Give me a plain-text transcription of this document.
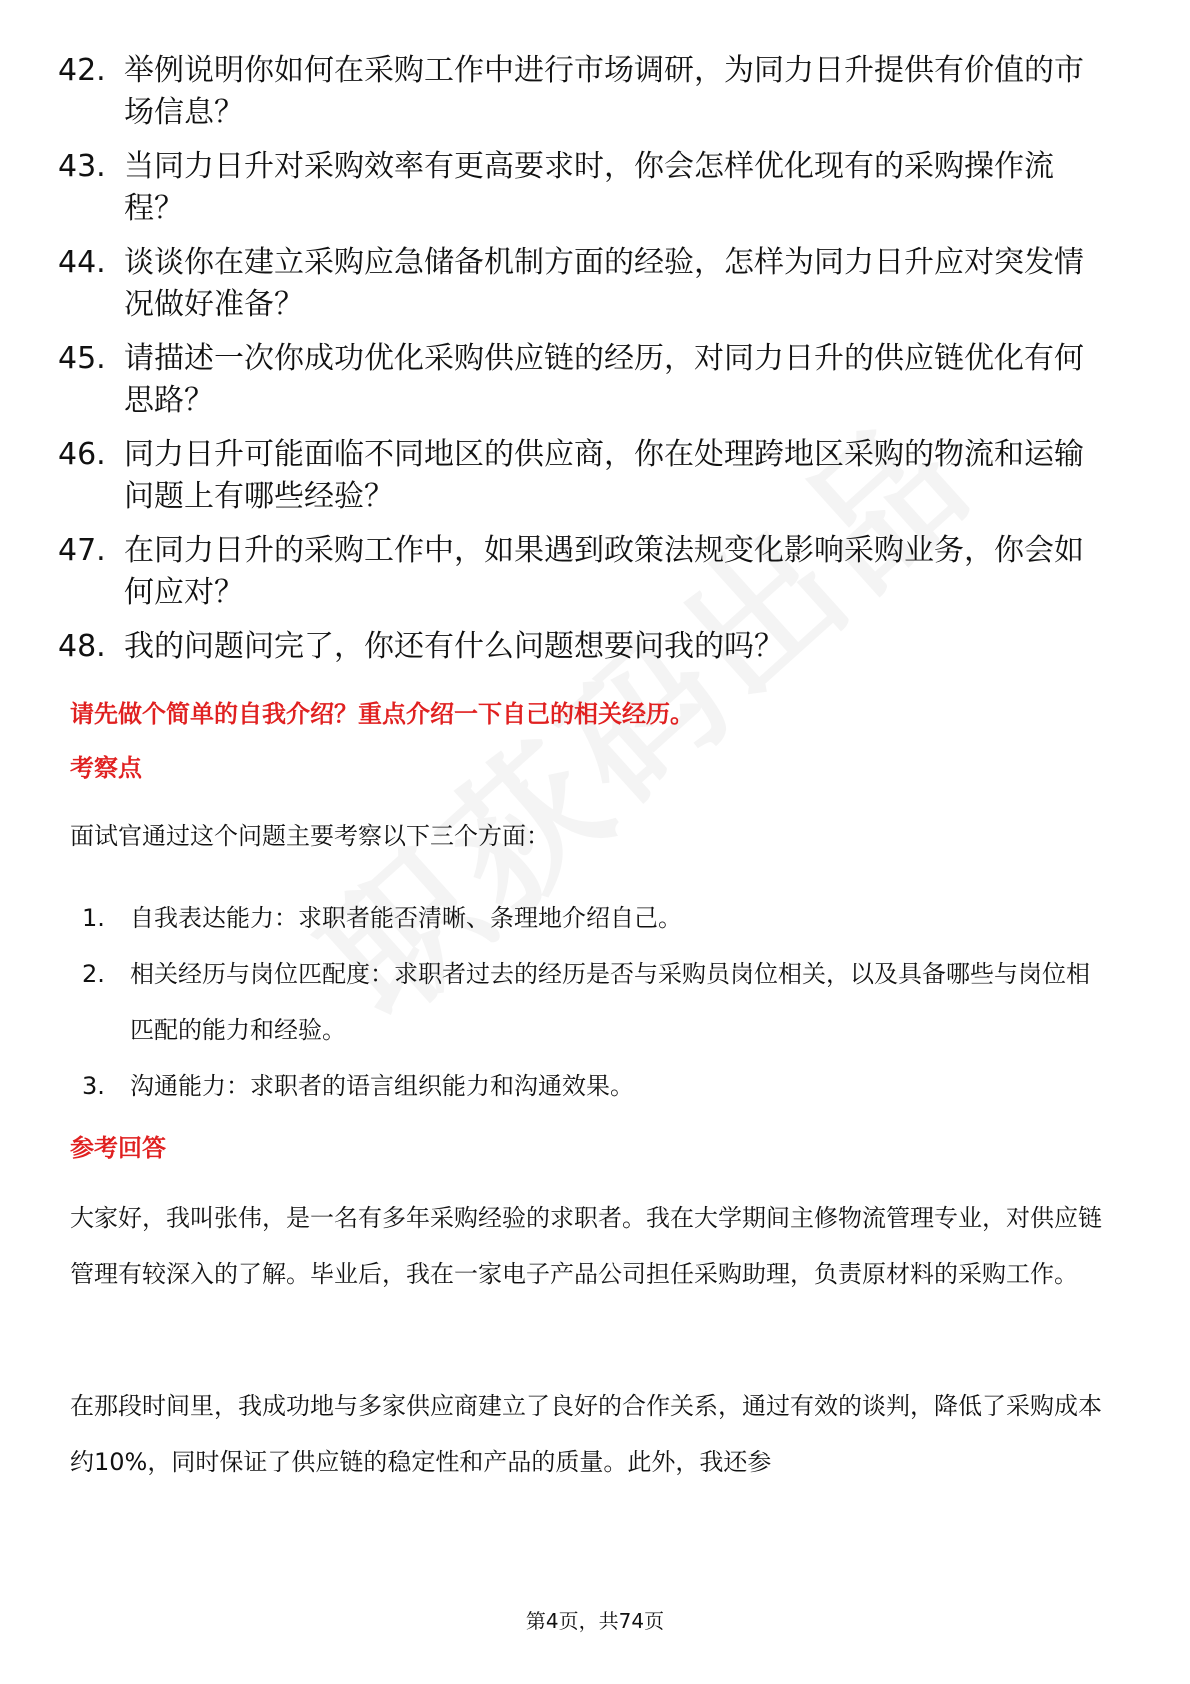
42. 举例说明你如何在采购工作中进行市场调研，为同力日升提供有价值的市场信息？
43. 当同力日升对采购效率有更高要求时，你会怎样优化现有的采购操作流程？
44. 谈谈你在建立采购应急储备机制方面的经验，怎样为同力日升应对突发情况做好准备？
45. 请描述一次你成功优化采购供应链的经历，对同力日升的供应链优化有何思路？
46. 同力日升可能面临不同地区的供应商，你在处理跨地区采购的物流和运输问题上有哪些经验？
47. 在同力日升的采购工作中，如果遇到政策法规变化影响采购业务，你会如何应对？
48. 我的问题问完了，你还有什么问题想要问我的吗？
请先做个简单的自我介绍？重点介绍一下自己的相关经历。
考察点
面试官通过这个问题主要考察以下三个方面：
1.	自我表达能力：求职者能否清晰、条理地介绍自己。
2.	相关经历与岗位匹配度：求职者过去的经历是否与采购员岗位相关，以及具备哪些与岗位相匹配的能力和经验。
3.	沟通能力：求职者的语言组织能力和沟通效果。
参考回答
大家好，我叫张伟，是一名有多年采购经验的求职者。我在大学期间主修物流管理专业，对供应链管理有较深入的了解。毕业后，我在一家电子产品公司担任采购助理，负责原材料的采购工作。
在那段时间里，我成功地与多家供应商建立了良好的合作关系，通过有效的谈判，降低了采购成本约10%，同时保证了供应链的稳定性和产品的质量。此外，我还参
第4页，共74页
